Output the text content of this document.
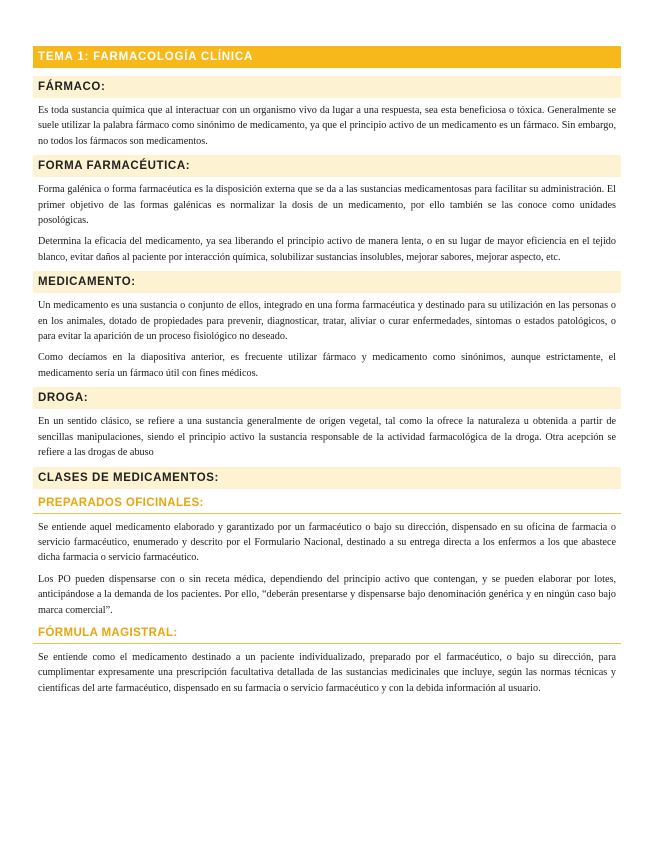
TEMA 1: FARMACOLOGÍA CLÍNICA
FÁRMACO:

Es toda sustancia química que al interactuar con un organismo vivo da lugar a una respuesta, sea esta beneficiosa o tóxica. Generalmente se suele utilizar la palabra fármaco como sinónimo de medicamento, ya que el principio activo de un medicamento es un fármaco. Sin embargo, no todos los fármacos son medicamentos.

FORMA FARMACÉUTICA:

Forma galénica o forma farmacéutica es la disposición externa que se da a las sustancias medicamentosas para facilitar su administración. El primer objetivo de las formas galénicas es normalizar la dosis de un medicamento, por ello también se las conoce como unidades posológicas.

Determina la eficacia del medicamento, ya sea liberando el principio activo de manera lenta, o en su lugar de mayor eficiencia en el tejido blanco, evitar daños al paciente por interacción química, solubilizar sustancias insolubles, mejorar sabores, mejorar aspecto, etc.

MEDICAMENTO:

Un medicamento es una sustancia o conjunto de ellos, integrado en una forma farmacéutica y destinado para su utilización en las personas o en los animales, dotado de propiedades para prevenir, diagnosticar, tratar, aliviar o curar enfermedades, síntomas o estados patológicos, o para evitar la aparición de un proceso fisiológico no deseado.

Como decíamos en la diapositiva anterior, es frecuente utilizar fármaco y medicamento como sinónimos, aunque estrictamente, el medicamento sería un fármaco útil con fines médicos.

DROGA:

En un sentido clásico, se refiere a una sustancia generalmente de origen vegetal, tal como la ofrece la naturaleza u obtenida a partir de sencillas manipulaciones, siendo el principio activo la sustancia responsable de la actividad farmacológica de la droga. Otra acepción se refiere a las drogas de abuso

CLASES DE MEDICAMENTOS:
PREPARADOS OFICINALES:

Se entiende aquel medicamento elaborado y garantizado por un farmacéutico o bajo su dirección, dispensado en su oficina de farmacia o servicio farmacéutico, enumerado y descrito por el Formulario Nacional, destinado a su entrega directa a los enfermos a los que abastece dicha farmacia o servicio farmacéutico.

Los PO pueden dispensarse con o sin receta médica, dependiendo del principio activo que contengan, y se pueden elaborar por lotes, anticipándose a la demanda de los pacientes. Por ello, “deberán presentarse y dispensarse bajo denominación genérica y en ningún caso bajo marca comercial”.

FÓRMULA MAGISTRAL:

Se entiende como el medicamento destinado a un paciente individualizado, preparado por el farmacéutico, o bajo su dirección, para cumplimentar expresamente una prescripción facultativa detallada de las sustancias medicinales que incluye, según las normas técnicas y científicas del arte farmacéutico, dispensado en su farmacia o servicio farmacéutico y con la debida información al usuario.
